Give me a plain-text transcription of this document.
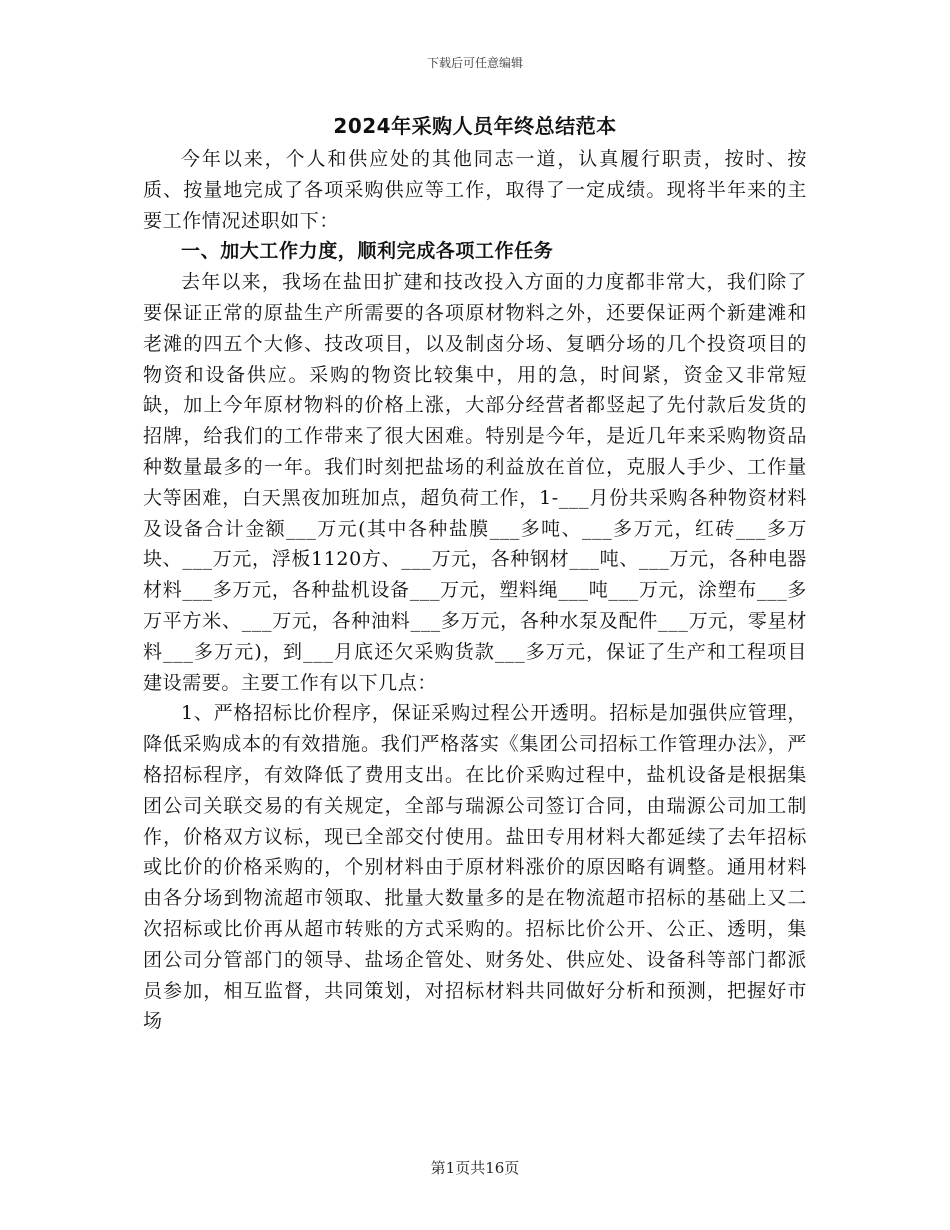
下载后可任意编辑
2024年采购人员年终总结范本

今年以来，个人和供应处的其他同志一道，认真履行职责，按时、按质、按量地完成了各项采购供应等工作，取得了一定成绩。现将半年来的主要工作情况述职如下：

一、加大工作力度，顺利完成各项工作任务

去年以来，我场在盐田扩建和技改投入方面的力度都非常大，我们除了要保证正常的原盐生产所需要的各项原材物料之外，还要保证两个新建滩和老滩的四五个大修、技改项目，以及制卤分场、复晒分场的几个投资项目的物资和设备供应。采购的物资比较集中，用的急，时间紧，资金又非常短缺，加上今年原材物料的价格上涨，大部分经营者都竖起了先付款后发货的招牌，给我们的工作带来了很大困难。特别是今年，是近几年来采购物资品种数量最多的一年。我们时刻把盐场的利益放在首位，克服人手少、工作量大等困难，白天黑夜加班加点，超负荷工作，1-___月份共采购各种物资材料及设备合计金额___万元(其中各种盐膜___多吨、___多万元，红砖___多万块、___万元，浮板1120方、___万元，各种钢材___吨、___万元，各种电器材料___多万元，各种盐机设备___万元，塑料绳___吨___万元，涂塑布___多万平方米、___万元，各种油料___多万元，各种水泵及配件___万元，零星材料___多万元)，到___月底还欠采购货款___多万元，保证了生产和工程项目建设需要。主要工作有以下几点：

1、严格招标比价程序，保证采购过程公开透明。招标是加强供应管理，降低采购成本的有效措施。我们严格落实《集团公司招标工作管理办法》，严格招标程序，有效降低了费用支出。在比价采购过程中，盐机设备是根据集团公司关联交易的有关规定，全部与瑞源公司签订合同，由瑞源公司加工制作，价格双方议标，现已全部交付使用。盐田专用材料大都延续了去年招标或比价的价格采购的，个别材料由于原材料涨价的原因略有调整。通用材料由各分场到物流超市领取、批量大数量多的是在物流超市招标的基础上又二次招标或比价再从超市转账的方式采购的。招标比价公开、公正、透明，集团公司分管部门的领导、盐场企管处、财务处、供应处、设备科等部门都派员参加，相互监督，共同策划，对招标材料共同做好分析和预测，把握好市场

第1页共16页
